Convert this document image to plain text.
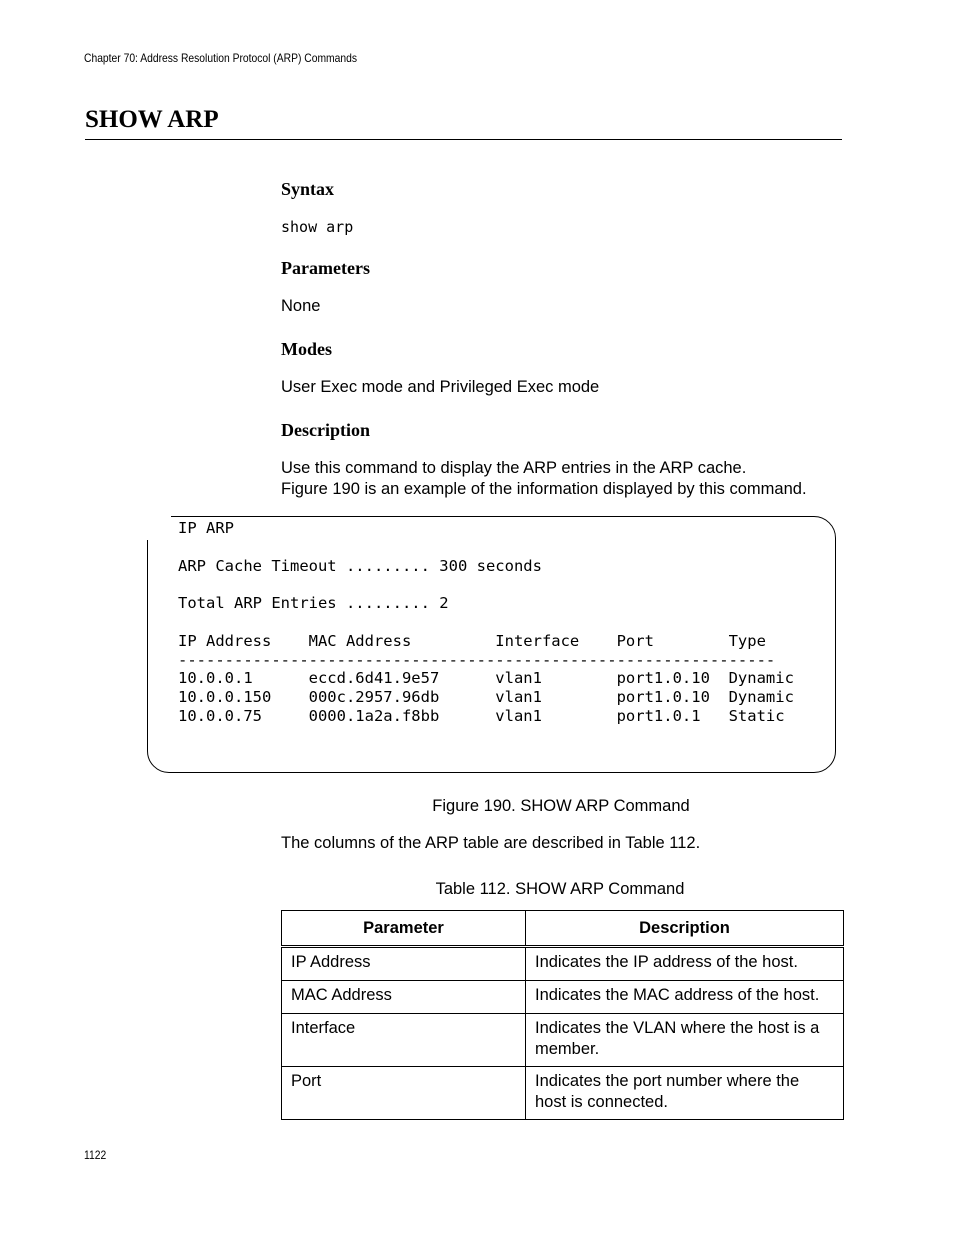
Chapter 70: Address Resolution Protocol (ARP) Commands
SHOW ARP
Syntax
show arp
Parameters

None

Modes

User Exec mode and Privileged Exec mode

Description

Use this command to display the ARP entries in the ARP cache.

Figure 190 is an example of the information displayed by this command.

IP ARP
ARP Cache Timeout ......... 300 seconds
Total ARP Entries ......... 2
IP Address    MAC Address         Interface    Port        Type
----------------------------------------------------------------
10.0.0.1      eccd.6d41.9e57      vlan1        port1.0.10  Dynamic
10.0.0.150    000c.2957.96db      vlan1        port1.0.10  Dynamic
10.0.0.75     0000.1a2a.f8bb      vlan1        port1.0.1   Static
Figure 190. SHOW ARP Command

The columns of the ARP table are described in Table 112.

Table 112. SHOW ARP Command
Parameter	Description
IP Address	Indicates the IP address of the host.
MAC Address	Indicates the MAC address of the host.
Interface	Indicates the VLAN where the host is a member.
Port	Indicates the port number where the host is connected.
1122
